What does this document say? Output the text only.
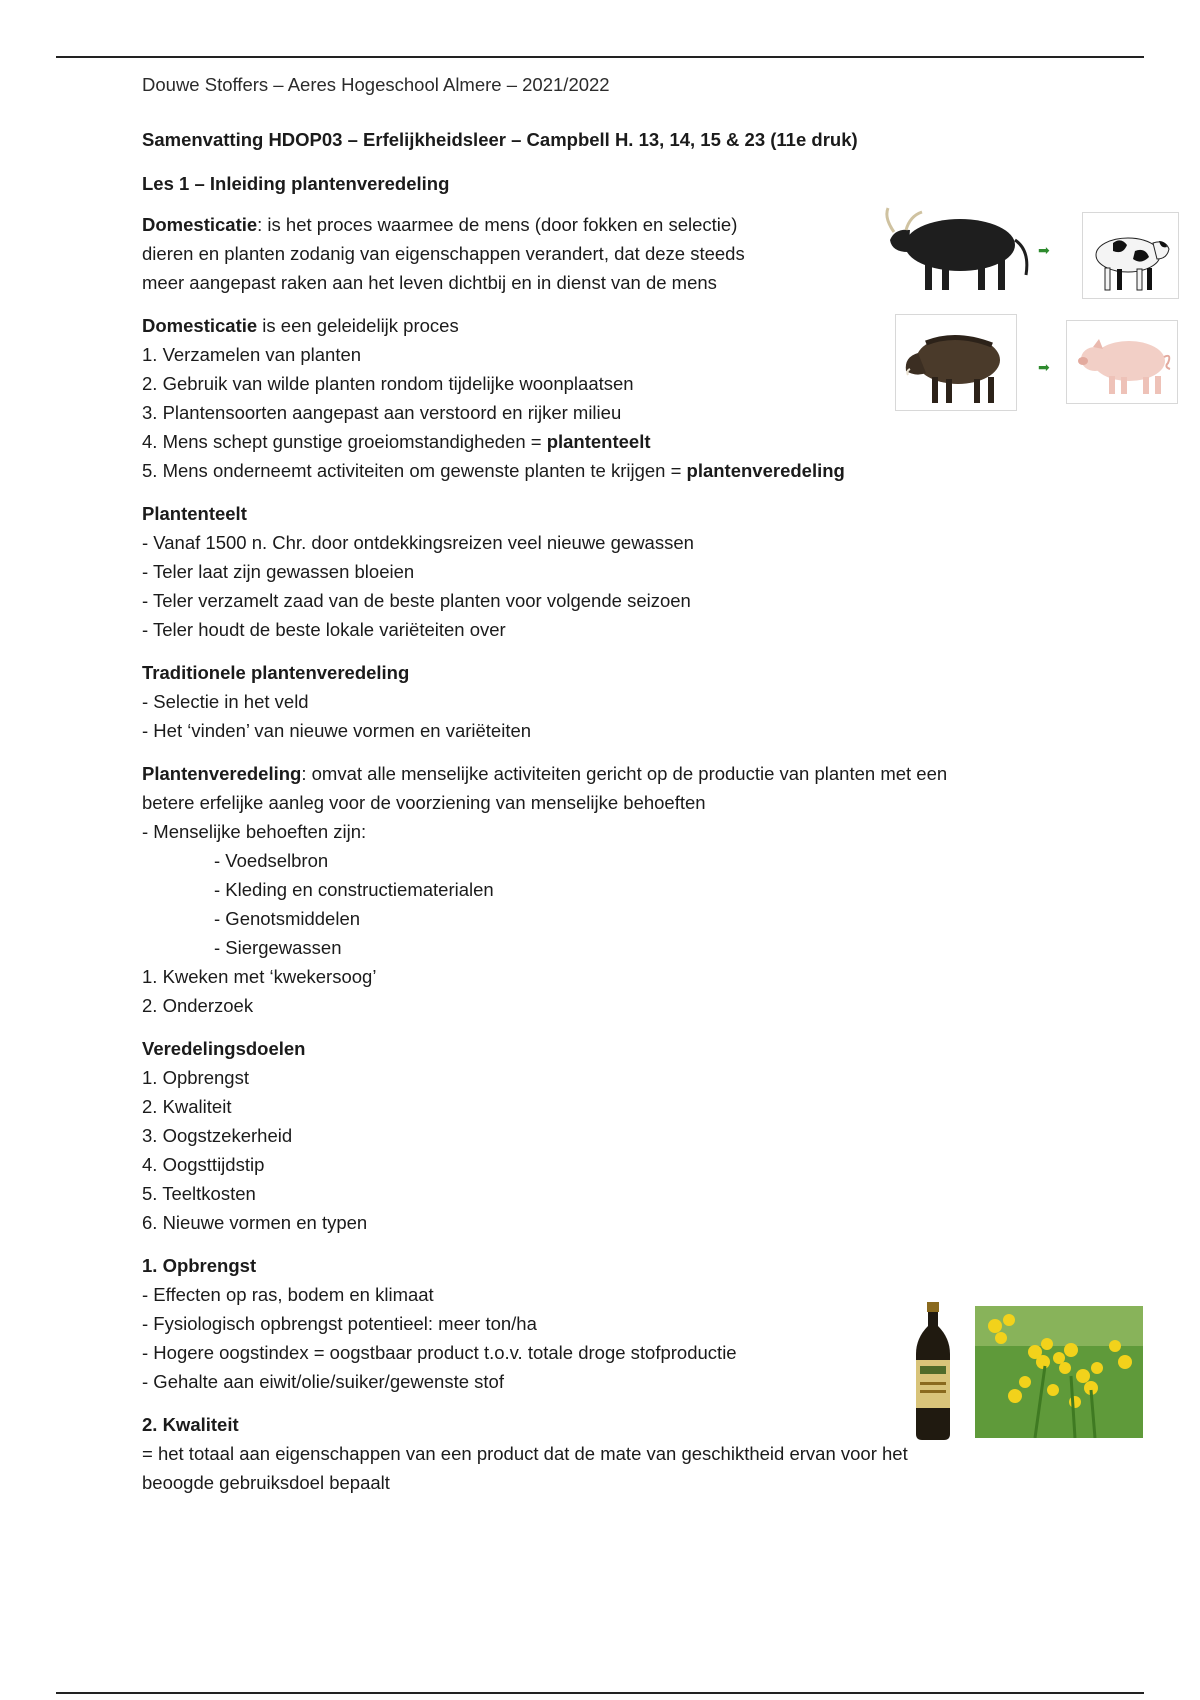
Douwe Stoffers – Aeres Hogeschool Almere – 2021/2022

Samenvatting HDOP03 – Erfelijkheidsleer – Campbell H. 13, 14, 15 & 23 (11e druk)

Les 1 – Inleiding plantenveredeling

Domesticatie: is het proces waarmee de mens (door fokken en selectie)

dieren en planten zodanig van eigenschappen verandert, dat deze steeds

meer aangepast raken aan het leven dichtbij en in dienst van de mens

Domesticatie is een geleidelijk proces

1. Verzamelen van planten

2. Gebruik van wilde planten rondom tijdelijke woonplaatsen

3. Plantensoorten aangepast aan verstoord en rijker milieu

4. Mens schept gunstige groeiomstandigheden = plantenteelt

5. Mens onderneemt activiteiten om gewenste planten te krijgen = plantenveredeling

Plantenteelt

- Vanaf 1500 n. Chr. door ontdekkingsreizen veel nieuwe gewassen

- Teler laat zijn gewassen bloeien

- Teler verzamelt zaad van de beste planten voor volgende seizoen

- Teler houdt de beste lokale variëteiten over

Traditionele plantenveredeling

- Selectie in het veld

- Het ‘vinden’ van nieuwe vormen en variëteiten

Plantenveredeling: omvat alle menselijke activiteiten gericht op de productie van planten met een

betere erfelijke aanleg voor de voorziening van menselijke behoeften

- Menselijke behoeften zijn:

- Voedselbron

- Kleding en constructiematerialen

- Genotsmiddelen

- Siergewassen

1. Kweken met ‘kwekersoog’

2. Onderzoek

Veredelingsdoelen

1. Opbrengst

2. Kwaliteit

3. Oogstzekerheid

4. Oogsttijdstip

5. Teeltkosten

6. Nieuwe vormen en typen

1. Opbrengst

- Effecten op ras, bodem en klimaat

- Fysiologisch opbrengst potentieel: meer ton/ha

- Hogere oogstindex = oogstbaar product t.o.v. totale droge stofproductie

- Gehalte aan eiwit/olie/suiker/gewenste stof

2. Kwaliteit

= het totaal aan eigenschappen van een product dat de mate van geschiktheid ervan voor het

beoogde gebruiksdoel bepaalt

➡
➡
